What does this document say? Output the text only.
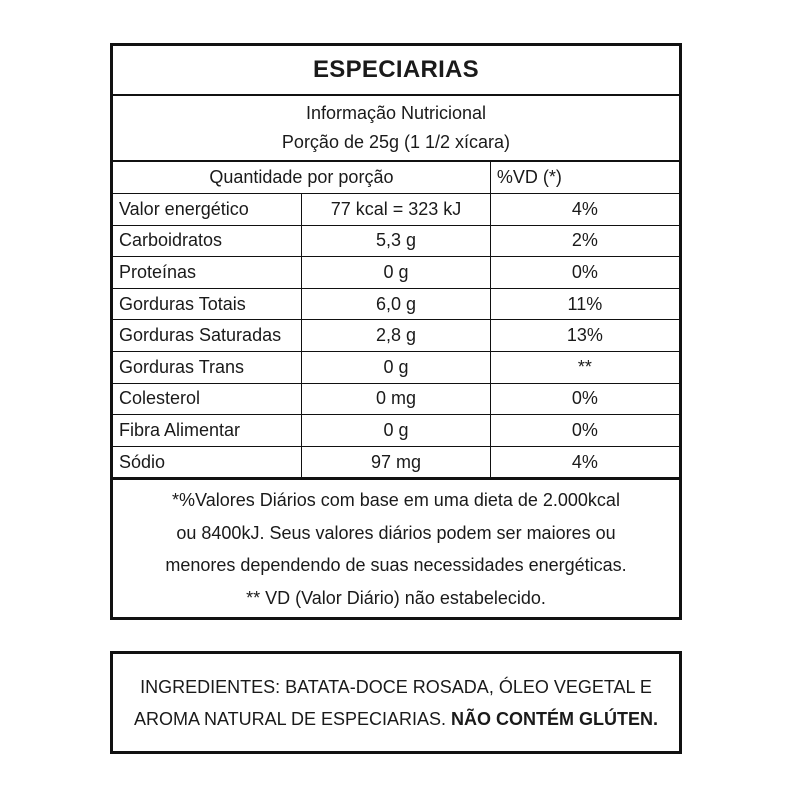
ESPECIARIAS
Informação Nutricional
Porção de 25g (1 1/2 xícara)
Quantidade por porção		%VD (*)
Valor energético	77 kcal = 323 kJ	4%
Carboidratos	5,3 g	2%
Proteínas	0 g	0%
Gorduras Totais	6,0 g	11%
Gorduras Saturadas	2,8 g	13%
Gorduras Trans	0 g	**
Colesterol	0 mg	0%
Fibra Alimentar	0 g	0%
Sódio	97 mg	4%
*%Valores Diários com base em uma dieta de 2.000kcal
ou 8400kJ. Seus valores diários podem ser maiores ou
menores dependendo de suas necessidades energéticas.
** VD (Valor Diário) não estabelecido.
INGREDIENTES: BATATA-DOCE ROSADA, ÓLEO VEGETAL E AROMA NATURAL DE ESPECIARIAS. NÃO CONTÉM GLÚTEN.
